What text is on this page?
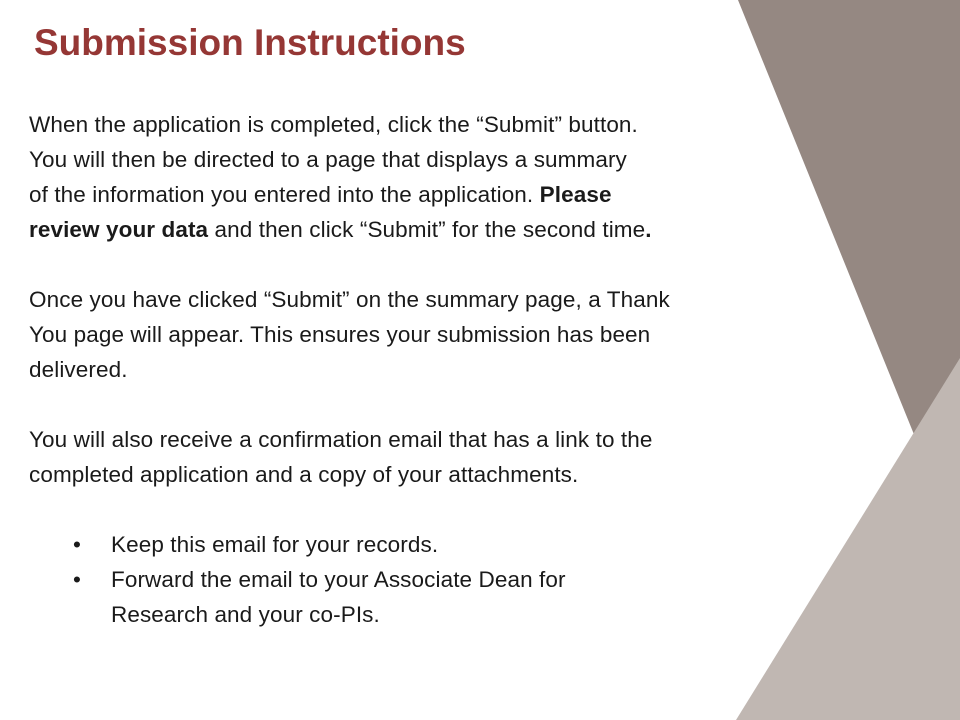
Submission Instructions

When the application is completed, click the “Submit” button.
You will then be directed to a page that displays a summary
of the information you entered into the application. Please
review your data and then click “Submit” for the second time.

Once you have clicked “Submit” on the summary page, a Thank
You page will appear. This ensures your submission has been
delivered.

You will also receive a confirmation email that has a link to the
completed application and a copy of your attachments.

• Keep this email for your records.
• Forward the email to your Associate Dean for
Research and your co-PIs.
